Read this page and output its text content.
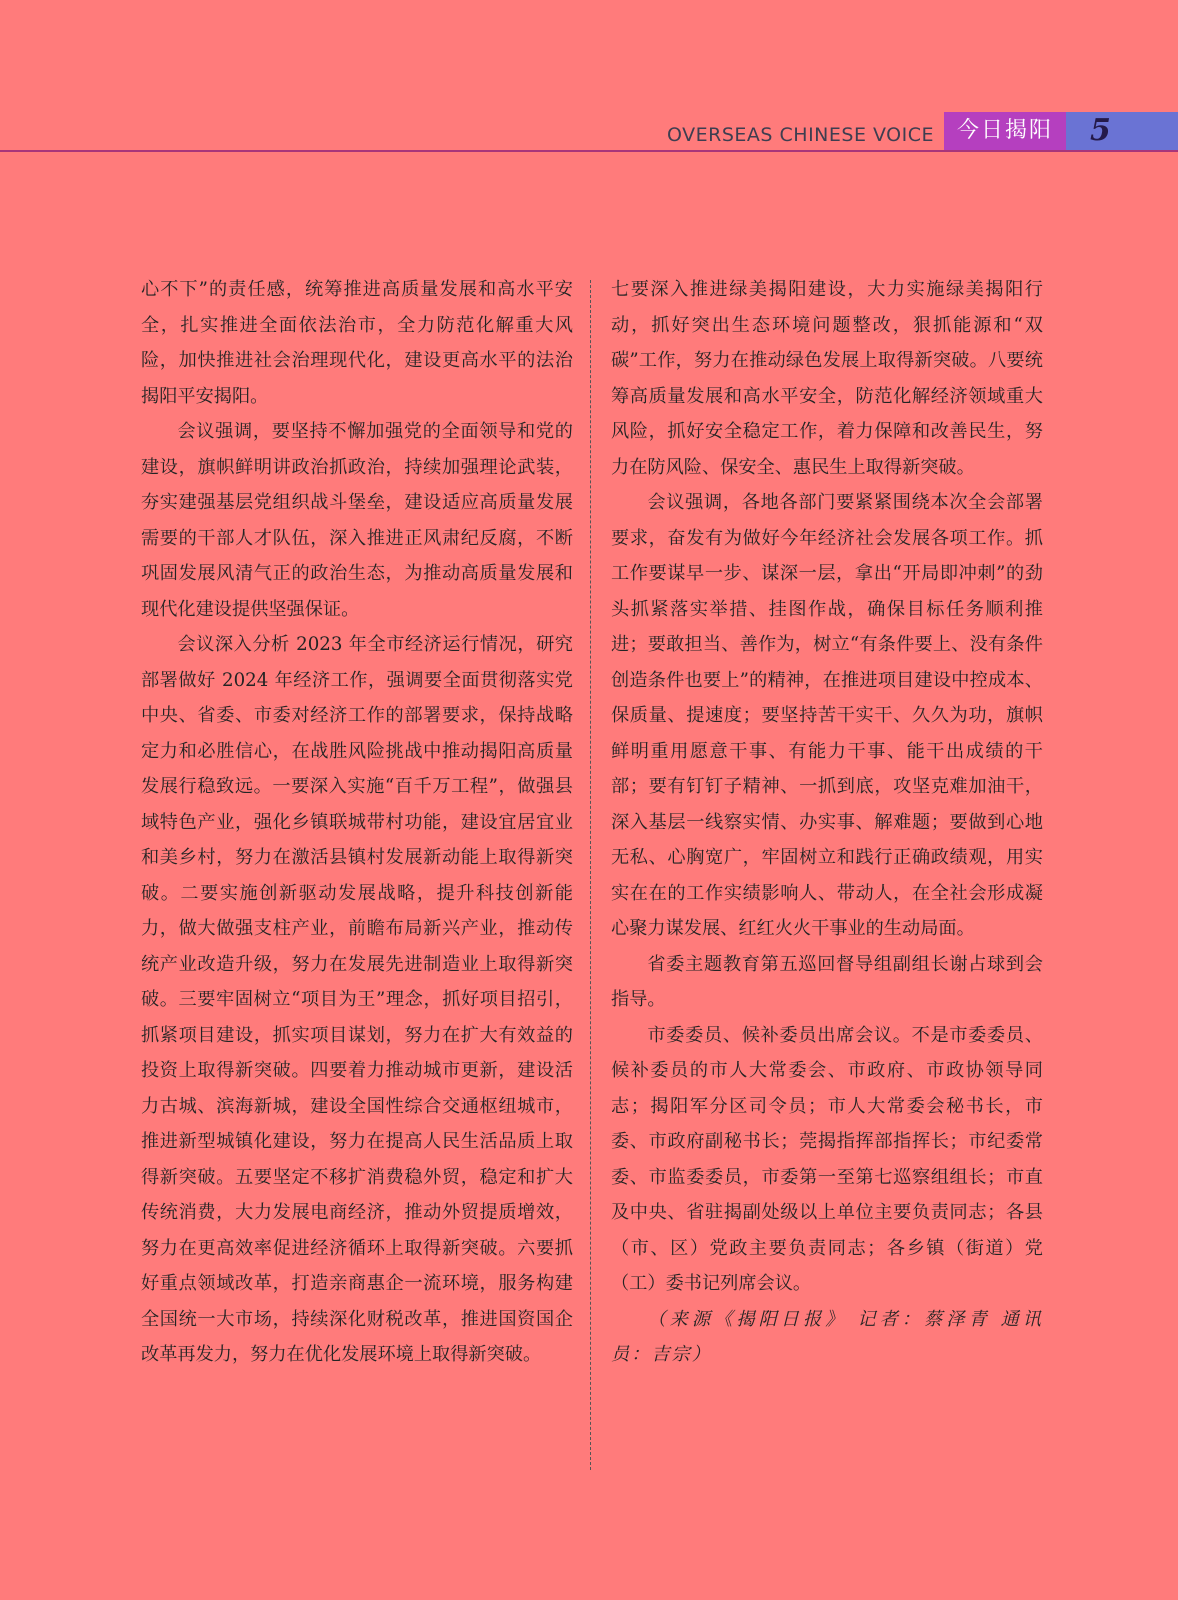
OVERSEAS CHINESE VOICE	今日揭阳	5

心不下”的责任感，统筹推进高质量发展和高水平安全，扎实推进全面依法治市，全力防范化解重大风险，加快推进社会治理现代化，建设更高水平的法治揭阳平安揭阳。

会议强调，要坚持不懈加强党的全面领导和党的建设，旗帜鲜明讲政治抓政治，持续加强理论武装，夯实建强基层党组织战斗堡垒，建设适应高质量发展需要的干部人才队伍，深入推进正风肃纪反腐，不断巩固发展风清气正的政治生态，为推动高质量发展和现代化建设提供坚强保证。

会议深入分析 2023 年全市经济运行情况，研究部署做好 2024 年经济工作，强调要全面贯彻落实党中央、省委、市委对经济工作的部署要求，保持战略定力和必胜信心，在战胜风险挑战中推动揭阳高质量发展行稳致远。一要深入实施“百千万工程”，做强县域特色产业，强化乡镇联城带村功能，建设宜居宜业和美乡村，努力在激活县镇村发展新动能上取得新突破。二要实施创新驱动发展战略，提升科技创新能力，做大做强支柱产业，前瞻布局新兴产业，推动传统产业改造升级，努力在发展先进制造业上取得新突破。三要牢固树立“项目为王”理念，抓好项目招引，抓紧项目建设，抓实项目谋划，努力在扩大有效益的投资上取得新突破。四要着力推动城市更新，建设活力古城、滨海新城，建设全国性综合交通枢纽城市，推进新型城镇化建设，努力在提高人民生活品质上取得新突破。五要坚定不移扩消费稳外贸，稳定和扩大传统消费，大力发展电商经济，推动外贸提质增效，努力在更高效率促进经济循环上取得新突破。六要抓好重点领域改革，打造亲商惠企一流环境，服务构建全国统一大市场，持续深化财税改革，推进国资国企改革再发力，努力在优化发展环境上取得新突破。

七要深入推进绿美揭阳建设，大力实施绿美揭阳行动，抓好突出生态环境问题整改，狠抓能源和“双碳”工作，努力在推动绿色发展上取得新突破。八要统筹高质量发展和高水平安全，防范化解经济领域重大风险，抓好安全稳定工作，着力保障和改善民生，努力在防风险、保安全、惠民生上取得新突破。

会议强调，各地各部门要紧紧围绕本次全会部署要求，奋发有为做好今年经济社会发展各项工作。抓工作要谋早一步、谋深一层，拿出“开局即冲刺”的劲头抓紧落实举措、挂图作战，确保目标任务顺利推进；要敢担当、善作为，树立“有条件要上、没有条件创造条件也要上”的精神，在推进项目建设中控成本、保质量、提速度；要坚持苦干实干、久久为功，旗帜鲜明重用愿意干事、有能力干事、能干出成绩的干部；要有钉钉子精神、一抓到底，攻坚克难加油干，深入基层一线察实情、办实事、解难题；要做到心地无私、心胸宽广，牢固树立和践行正确政绩观，用实实在在的工作实绩影响人、带动人，在全社会形成凝心聚力谋发展、红红火火干事业的生动局面。

省委主题教育第五巡回督导组副组长谢占球到会指导。

市委委员、候补委员出席会议。不是市委委员、候补委员的市人大常委会、市政府、市政协领导同志；揭阳军分区司令员；市人大常委会秘书长，市委、市政府副秘书长；莞揭指挥部指挥长；市纪委常委、市监委委员，市委第一至第七巡察组组长；市直及中央、省驻揭副处级以上单位主要负责同志；各县（市、区）党政主要负责同志；各乡镇（街道）党（工）委书记列席会议。

（来源《揭阳日报》 记者：蔡泽青 通讯员：吉宗）
